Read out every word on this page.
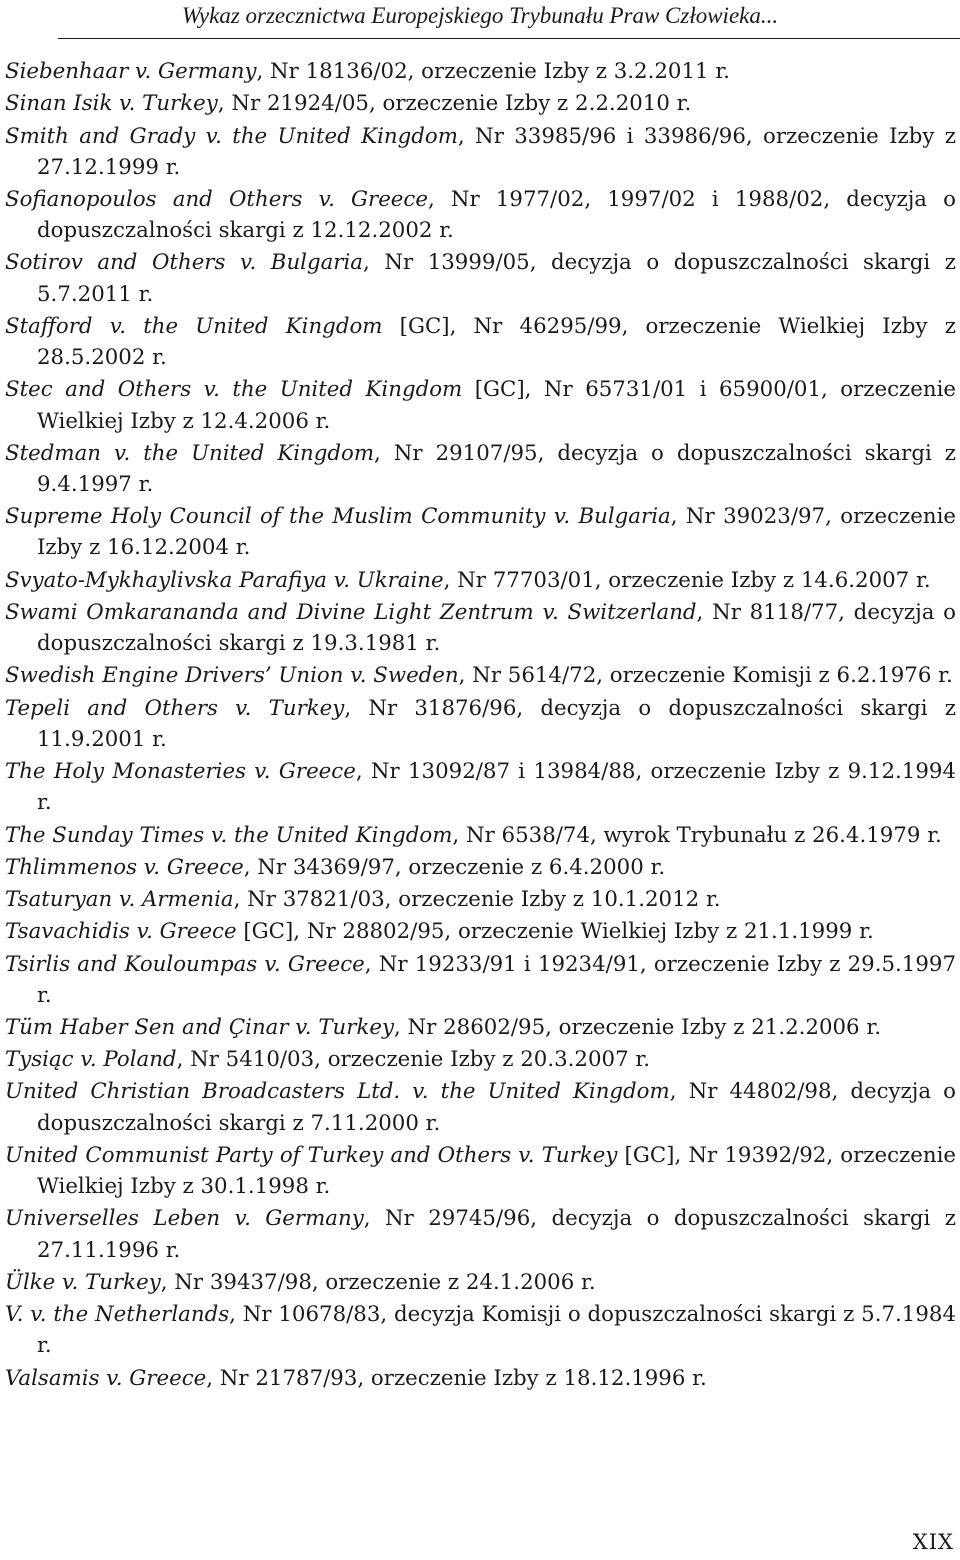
Wykaz orzecznictwa Europejskiego Trybunału Praw Człowieka...
Siebenhaar v. Germany, Nr 18136/02, orzeczenie Izby z 3.2.2011 r.
Sinan Isik v. Turkey, Nr 21924/05, orzeczenie Izby z 2.2.2010 r.
Smith and Grady v. the United Kingdom, Nr 33985/96 i 33986/96, orzeczenie Izby z 27.12.1999 r.
Sofianopoulos and Others v. Greece, Nr 1977/02, 1997/02 i 1988/02, decyzja o dopuszczalności skargi z 12.12.2002 r.
Sotirov and Others v. Bulgaria, Nr 13999/05, decyzja o dopuszczalności skargi z 5.7.2011 r.
Stafford v. the United Kingdom [GC], Nr 46295/99, orzeczenie Wielkiej Izby z 28.5.2002 r.
Stec and Others v. the United Kingdom [GC], Nr 65731/01 i 65900/01, orzeczenie Wielkiej Izby z 12.4.2006 r.
Stedman v. the United Kingdom, Nr 29107/95, decyzja o dopuszczalności skargi z 9.4.1997 r.
Supreme Holy Council of the Muslim Community v. Bulgaria, Nr 39023/97, orzeczenie Izby z 16.12.2004 r.
Svyato-Mykhaylivska Parafiya v. Ukraine, Nr 77703/01, orzeczenie Izby z 14.6.2007 r.
Swami Omkarananda and Divine Light Zentrum v. Switzerland, Nr 8118/77, decyzja o dopuszczalności skargi z 19.3.1981 r.
Swedish Engine Drivers’ Union v. Sweden, Nr 5614/72, orzeczenie Komisji z 6.2.1976 r.
Tepeli and Others v. Turkey, Nr 31876/96, decyzja o dopuszczalności skargi z 11.9.2001 r.
The Holy Monasteries v. Greece, Nr 13092/87 i 13984/88, orzeczenie Izby z 9.12.1994 r.
The Sunday Times v. the United Kingdom, Nr 6538/74, wyrok Trybunału z 26.4.1979 r.
Thlimmenos v. Greece, Nr 34369/97, orzeczenie z 6.4.2000 r.
Tsaturyan v. Armenia, Nr 37821/03, orzeczenie Izby z 10.1.2012 r.
Tsavachidis v. Greece [GC], Nr 28802/95, orzeczenie Wielkiej Izby z 21.1.1999 r.
Tsirlis and Kouloumpas v. Greece, Nr 19233/91 i 19234/91, orzeczenie Izby z 29.5.1997 r.
Tüm Haber Sen and Çinar v. Turkey, Nr 28602/95, orzeczenie Izby z 21.2.2006 r.
Tysiąc v. Poland, Nr 5410/03, orzeczenie Izby z 20.3.2007 r.
United Christian Broadcasters Ltd. v. the United Kingdom, Nr 44802/98, decyzja o dopuszczalności skargi z 7.11.2000 r.
United Communist Party of Turkey and Others v. Turkey [GC], Nr 19392/92, orzeczenie Wielkiej Izby z 30.1.1998 r.
Universelles Leben v. Germany, Nr 29745/96, decyzja o dopuszczalności skargi z 27.11.1996 r.
Ülke v. Turkey, Nr 39437/98, orzeczenie z 24.1.2006 r.
V. v. the Netherlands, Nr 10678/83, decyzja Komisji o dopuszczalności skargi z 5.7.1984 r.
Valsamis v. Greece, Nr 21787/93, orzeczenie Izby z 18.12.1996 r.
XIX
